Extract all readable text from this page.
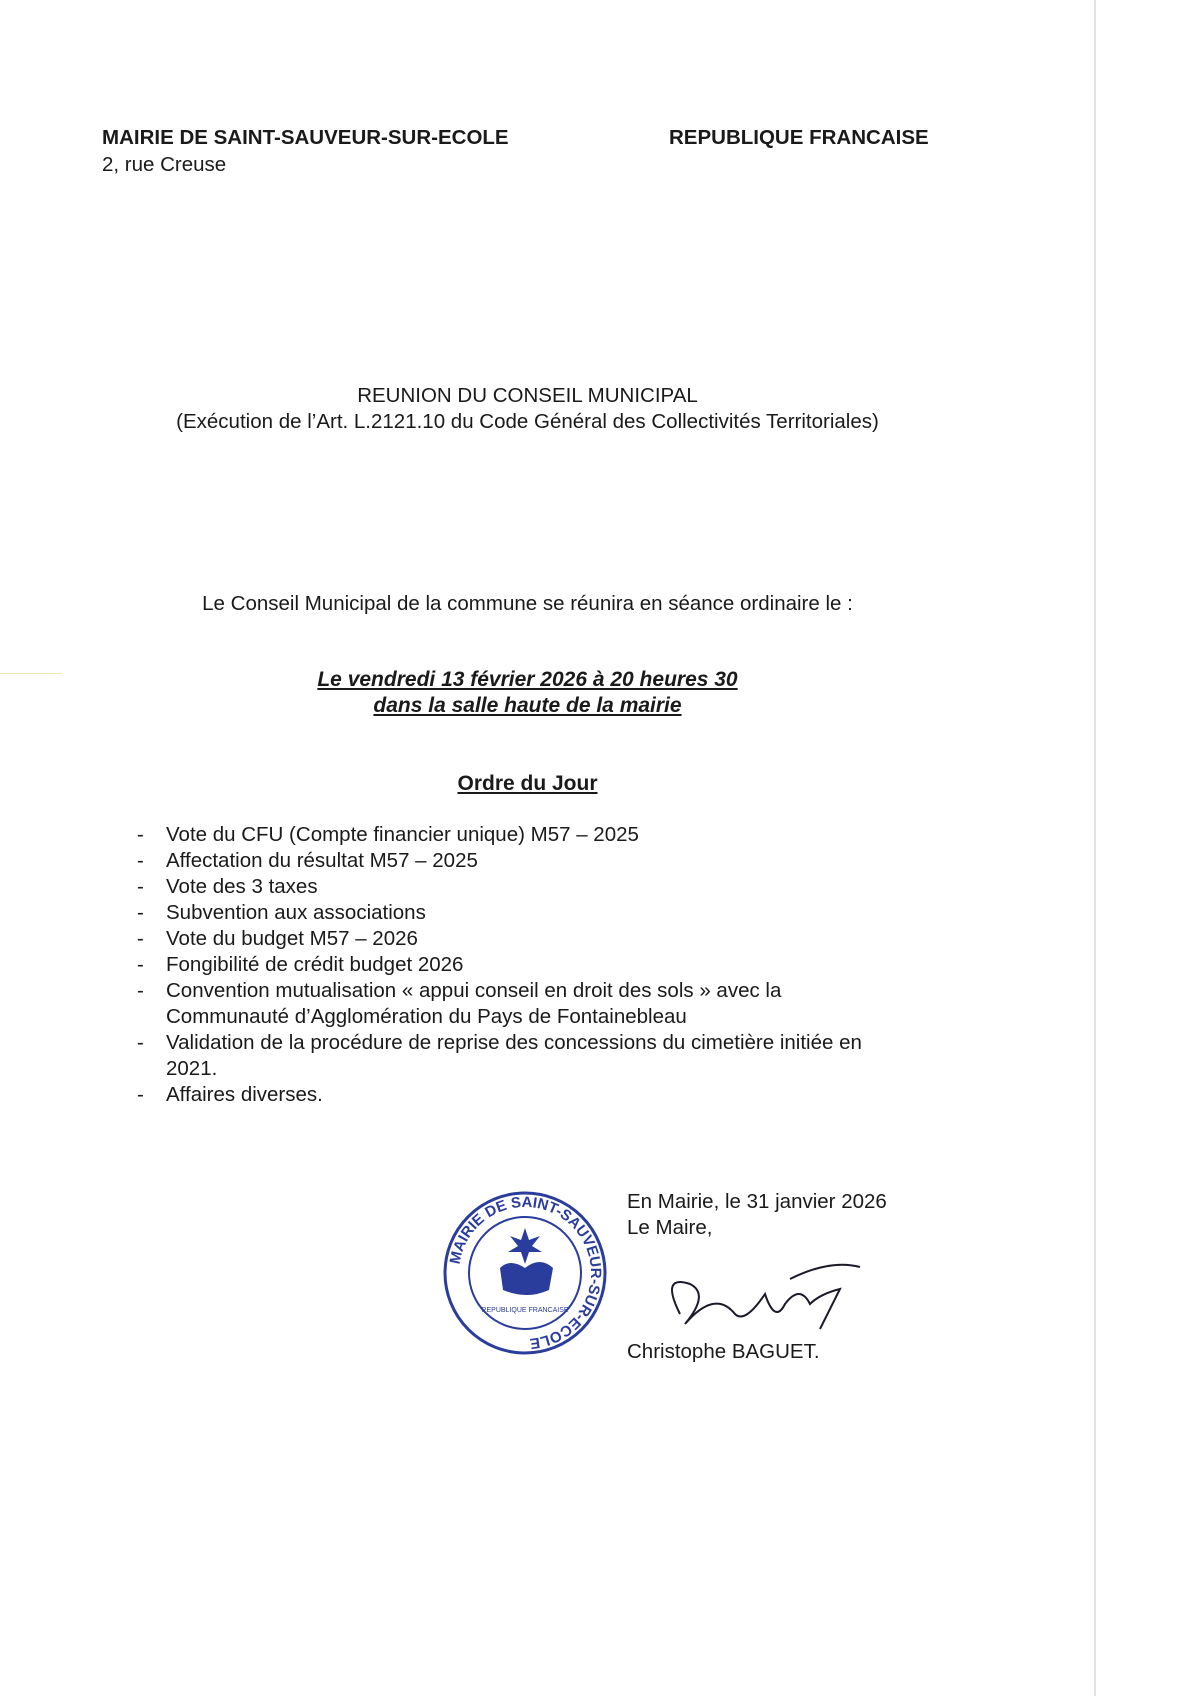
MAIRIE DE SAINT-SAUVEUR-SUR-ECOLE
2, rue Creuse
REPUBLIQUE FRANCAISE
REUNION DU CONSEIL MUNICIPAL
(Exécution de l’Art. L.2121.10 du Code Général des Collectivités Territoriales)
Le Conseil Municipal de la commune se réunira en séance ordinaire le :
Le vendredi 13 février 2026 à 20 heures 30
dans la salle haute de la mairie
Ordre du Jour
- Vote du CFU (Compte financier unique) M57 – 2025
- Affectation du résultat M57 – 2025
- Vote des 3 taxes
- Subvention aux associations
- Vote du budget M57 – 2026
- Fongibilité de crédit budget 2026
- Convention mutualisation « appui conseil en droit des sols » avec la
Communauté d’Agglomération du Pays de Fontainebleau
- Validation de la procédure de reprise des concessions du cimetière initiée en
2021.
- Affaires diverses.
En Mairie, le 31 janvier 2026
Le Maire,
Christophe BAGUET.
MAIRIE DE SAINT-SAUVEUR-SUR-ECOLE
REPUBLIQUE FRANCAISE
